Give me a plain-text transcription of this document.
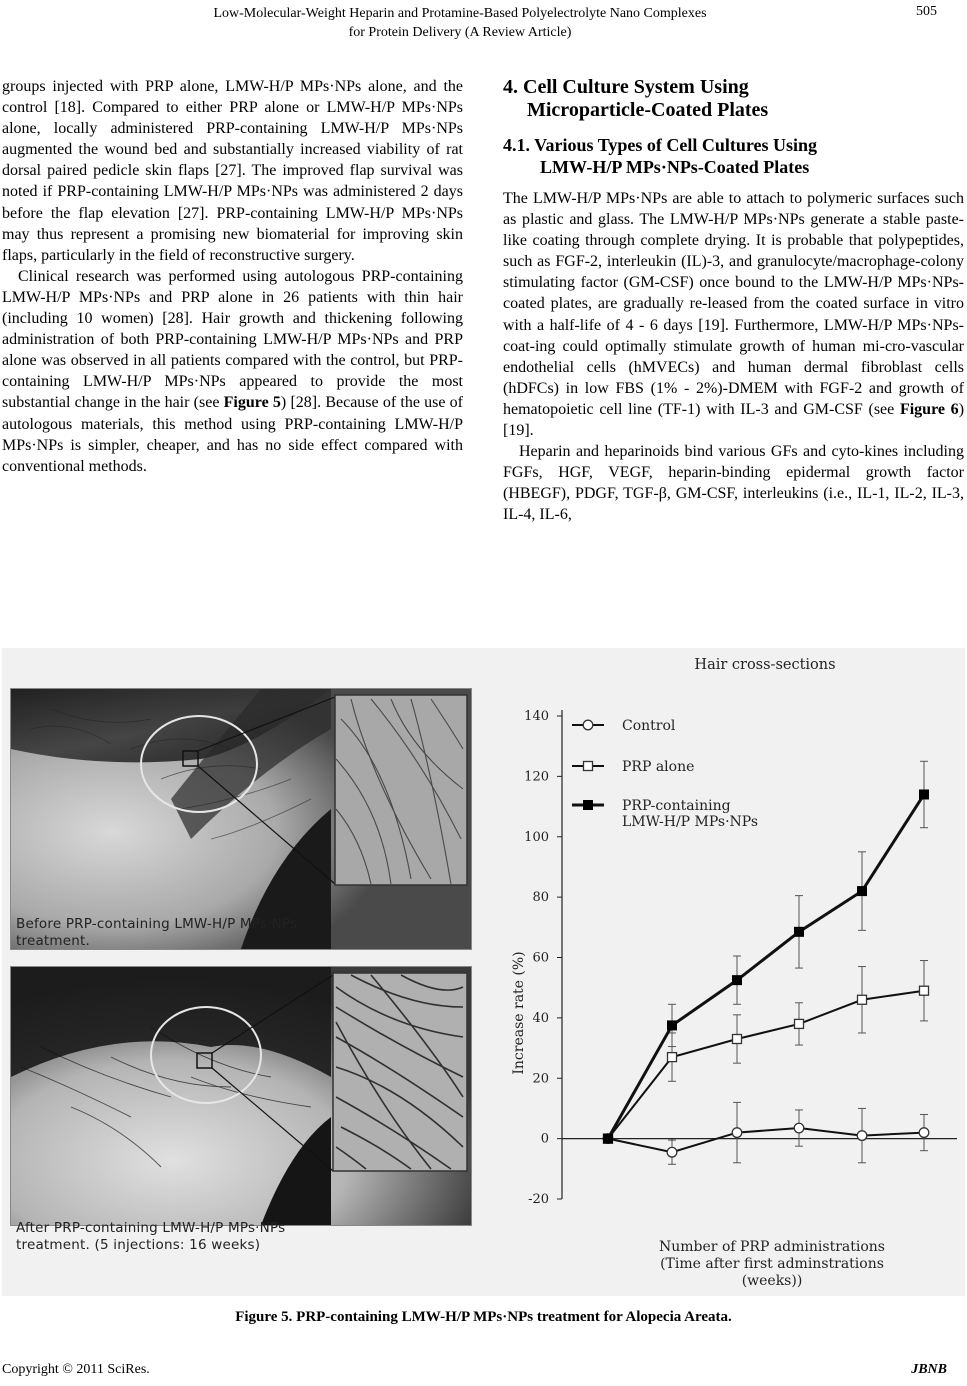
Low-Molecular-Weight Heparin and Protamine-Based Polyelectrolyte Nano Complexes
for Protein Delivery (A Review Article)
505

groups injected with PRP alone, LMW-H/P MPs·NPs alone, and the control [18]. Compared to either PRP alone or LMW-H/P MPs·NPs alone, locally administered PRP-containing LMW-H/P MPs·NPs augmented the wound bed and substantially increased viability of rat dorsal paired pedicle skin flaps [27]. The improved flap survival was noted if PRP-containing LMW-H/P MPs·NPs was administered 2 days before the flap elevation [27]. PRP-containing LMW-H/P MPs·NPs may thus represent a promising new biomaterial for improving skin flaps, particularly in the field of reconstructive surgery.

Clinical research was performed using autologous PRP-containing LMW-H/P MPs·NPs and PRP alone in 26 patients with thin hair (including 10 women) [28]. Hair growth and thickening following administration of both PRP-containing LMW-H/P MPs·NPs and PRP alone was observed in all patients compared with the control, but PRP-containing LMW-H/P MPs·NPs appeared to provide the most substantial change in the hair (see Figure 5) [28]. Because of the use of autologous materials, this method using PRP-containing LMW-H/P MPs·NPs is simpler, cheaper, and has no side effect compared with conventional methods.

4. Cell Culture System Using
Microparticle-Coated Plates
4.1. Various Types of Cell Cultures Using
LMW-H/P MPs·NPs-Coated Plates

The LMW-H/P MPs·NPs are able to attach to polymeric surfaces such as plastic and glass. The LMW-H/P MPs·NPs generate a stable paste-like coating through complete drying. It is probable that polypeptides, such as FGF-2, interleukin (IL)-3, and granulocyte/macrophage-colony stimulating factor (GM-CSF) once bound to the LMW-H/P MPs·NPs-coated plates, are gradually re-leased from the coated surface in vitro with a half-life of 4 - 6 days [19]. Furthermore, LMW-H/P MPs·NPs- coat-ing could optimally stimulate growth of human mi-cro-vascular endothelial cells (hMVECs) and human dermal fibroblast cells (hDFCs) in low FBS (1% - 2%)-DMEM with FGF-2 and growth of hematopoietic cell line (TF-1) with IL-3 and GM-CSF (see Figure 6) [19].

Heparin and heparinoids bind various GFs and cyto-kines including FGFs, HGF, VEGF, heparin-binding epidermal growth factor (HBEGF), PDGF, TGF-β, GM-CSF, interleukins (i.e., IL-1, IL-2, IL-3, IL-4, IL-6,

Before PRP-containing LMW-H/P MPs·NPs
treatment.
After PRP-containing LMW-H/P MPs·NPs
treatment. (5 injections: 16 weeks)
Hair cross-sections
Increase rate (%)
Number of PRP administrations
(Time after first adminstrations
(weeks))
140
120
100
80
60
40
20
0
-20
Control
PRP alone
PRP-containing
LMW-H/P MPs·NPs
Figure 5. PRP-containing LMW-H/P MPs·NPs treatment for Alopecia Areata.
Copyright © 2011 SciRes.	JBNB
